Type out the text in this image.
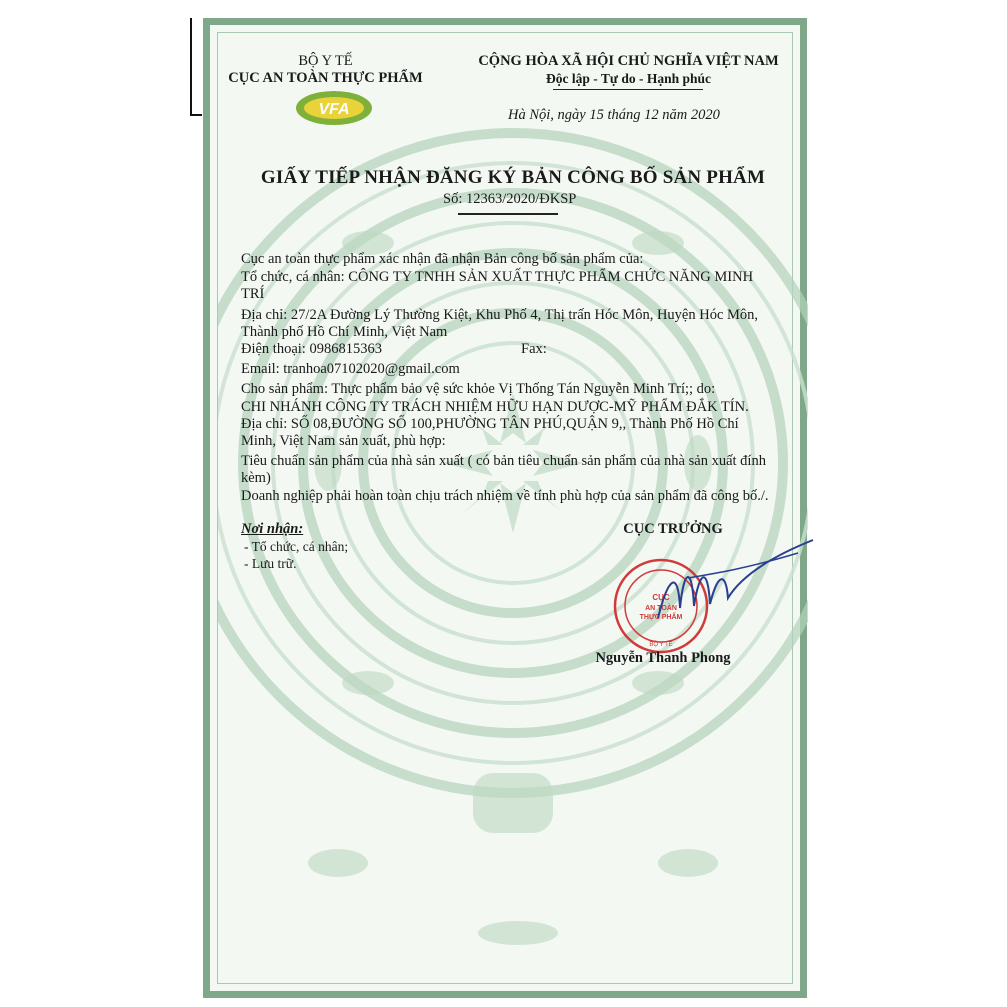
VFA
BỘ Y TẾ
CỤC AN TOÀN THỰC PHẨM
CỘNG HÒA XÃ HỘI CHỦ NGHĨA VIỆT NAM
Độc lập - Tự do - Hạnh phúc
Hà Nội, ngày 15 tháng 12 năm 2020
GIẤY TIẾP NHẬN ĐĂNG KÝ BẢN CÔNG BỐ SẢN PHẨM
Số: 12363/2020/ĐKSP
Cục an toàn thực phẩm xác nhận đã nhận Bản công bố sản phẩm của:
Tổ chức, cá nhân: CÔNG TY TNHH SẢN XUẤT THỰC PHẨM CHỨC NĂNG MINH
TRÍ
Địa chỉ: 27/2A Đường Lý Thường Kiệt, Khu Phố 4, Thị trấn Hóc Môn, Huyện Hóc Môn,
Thành phố Hồ Chí Minh, Việt Nam
Điện thoại: 0986815363	Fax:
Email: tranhoa07102020@gmail.com
Cho sản phẩm: Thực phẩm bảo vệ sức khỏe Vị Thống Tán Nguyễn Minh Trí;; do:
CHI NHÁNH CÔNG TY TRÁCH NHIỆM HỮU HẠN DƯỢC-MỸ PHẨM ĐẮK TÍN.
Địa chỉ: SỐ 08,ĐƯỜNG SỐ 100,PHƯỜNG TÂN PHÚ,QUẬN 9,, Thành Phố Hồ Chí
Minh, Việt Nam sản xuất, phù hợp:
Tiêu chuẩn sản phẩm của nhà sản xuất ( có bản tiêu chuẩn sản phẩm của nhà sản xuất đính
kèm)
Doanh nghiệp phải hoàn toàn chịu trách nhiệm về tính phù hợp của sản phẩm đã công bố./.
Nơi nhận:
- Tổ chức, cá nhân;
- Lưu trữ.
CỤC TRƯỞNG
CỤC
AN TOÀN
THỰC PHẨM
BỘ Y TẾ
Nguyễn Thanh Phong
